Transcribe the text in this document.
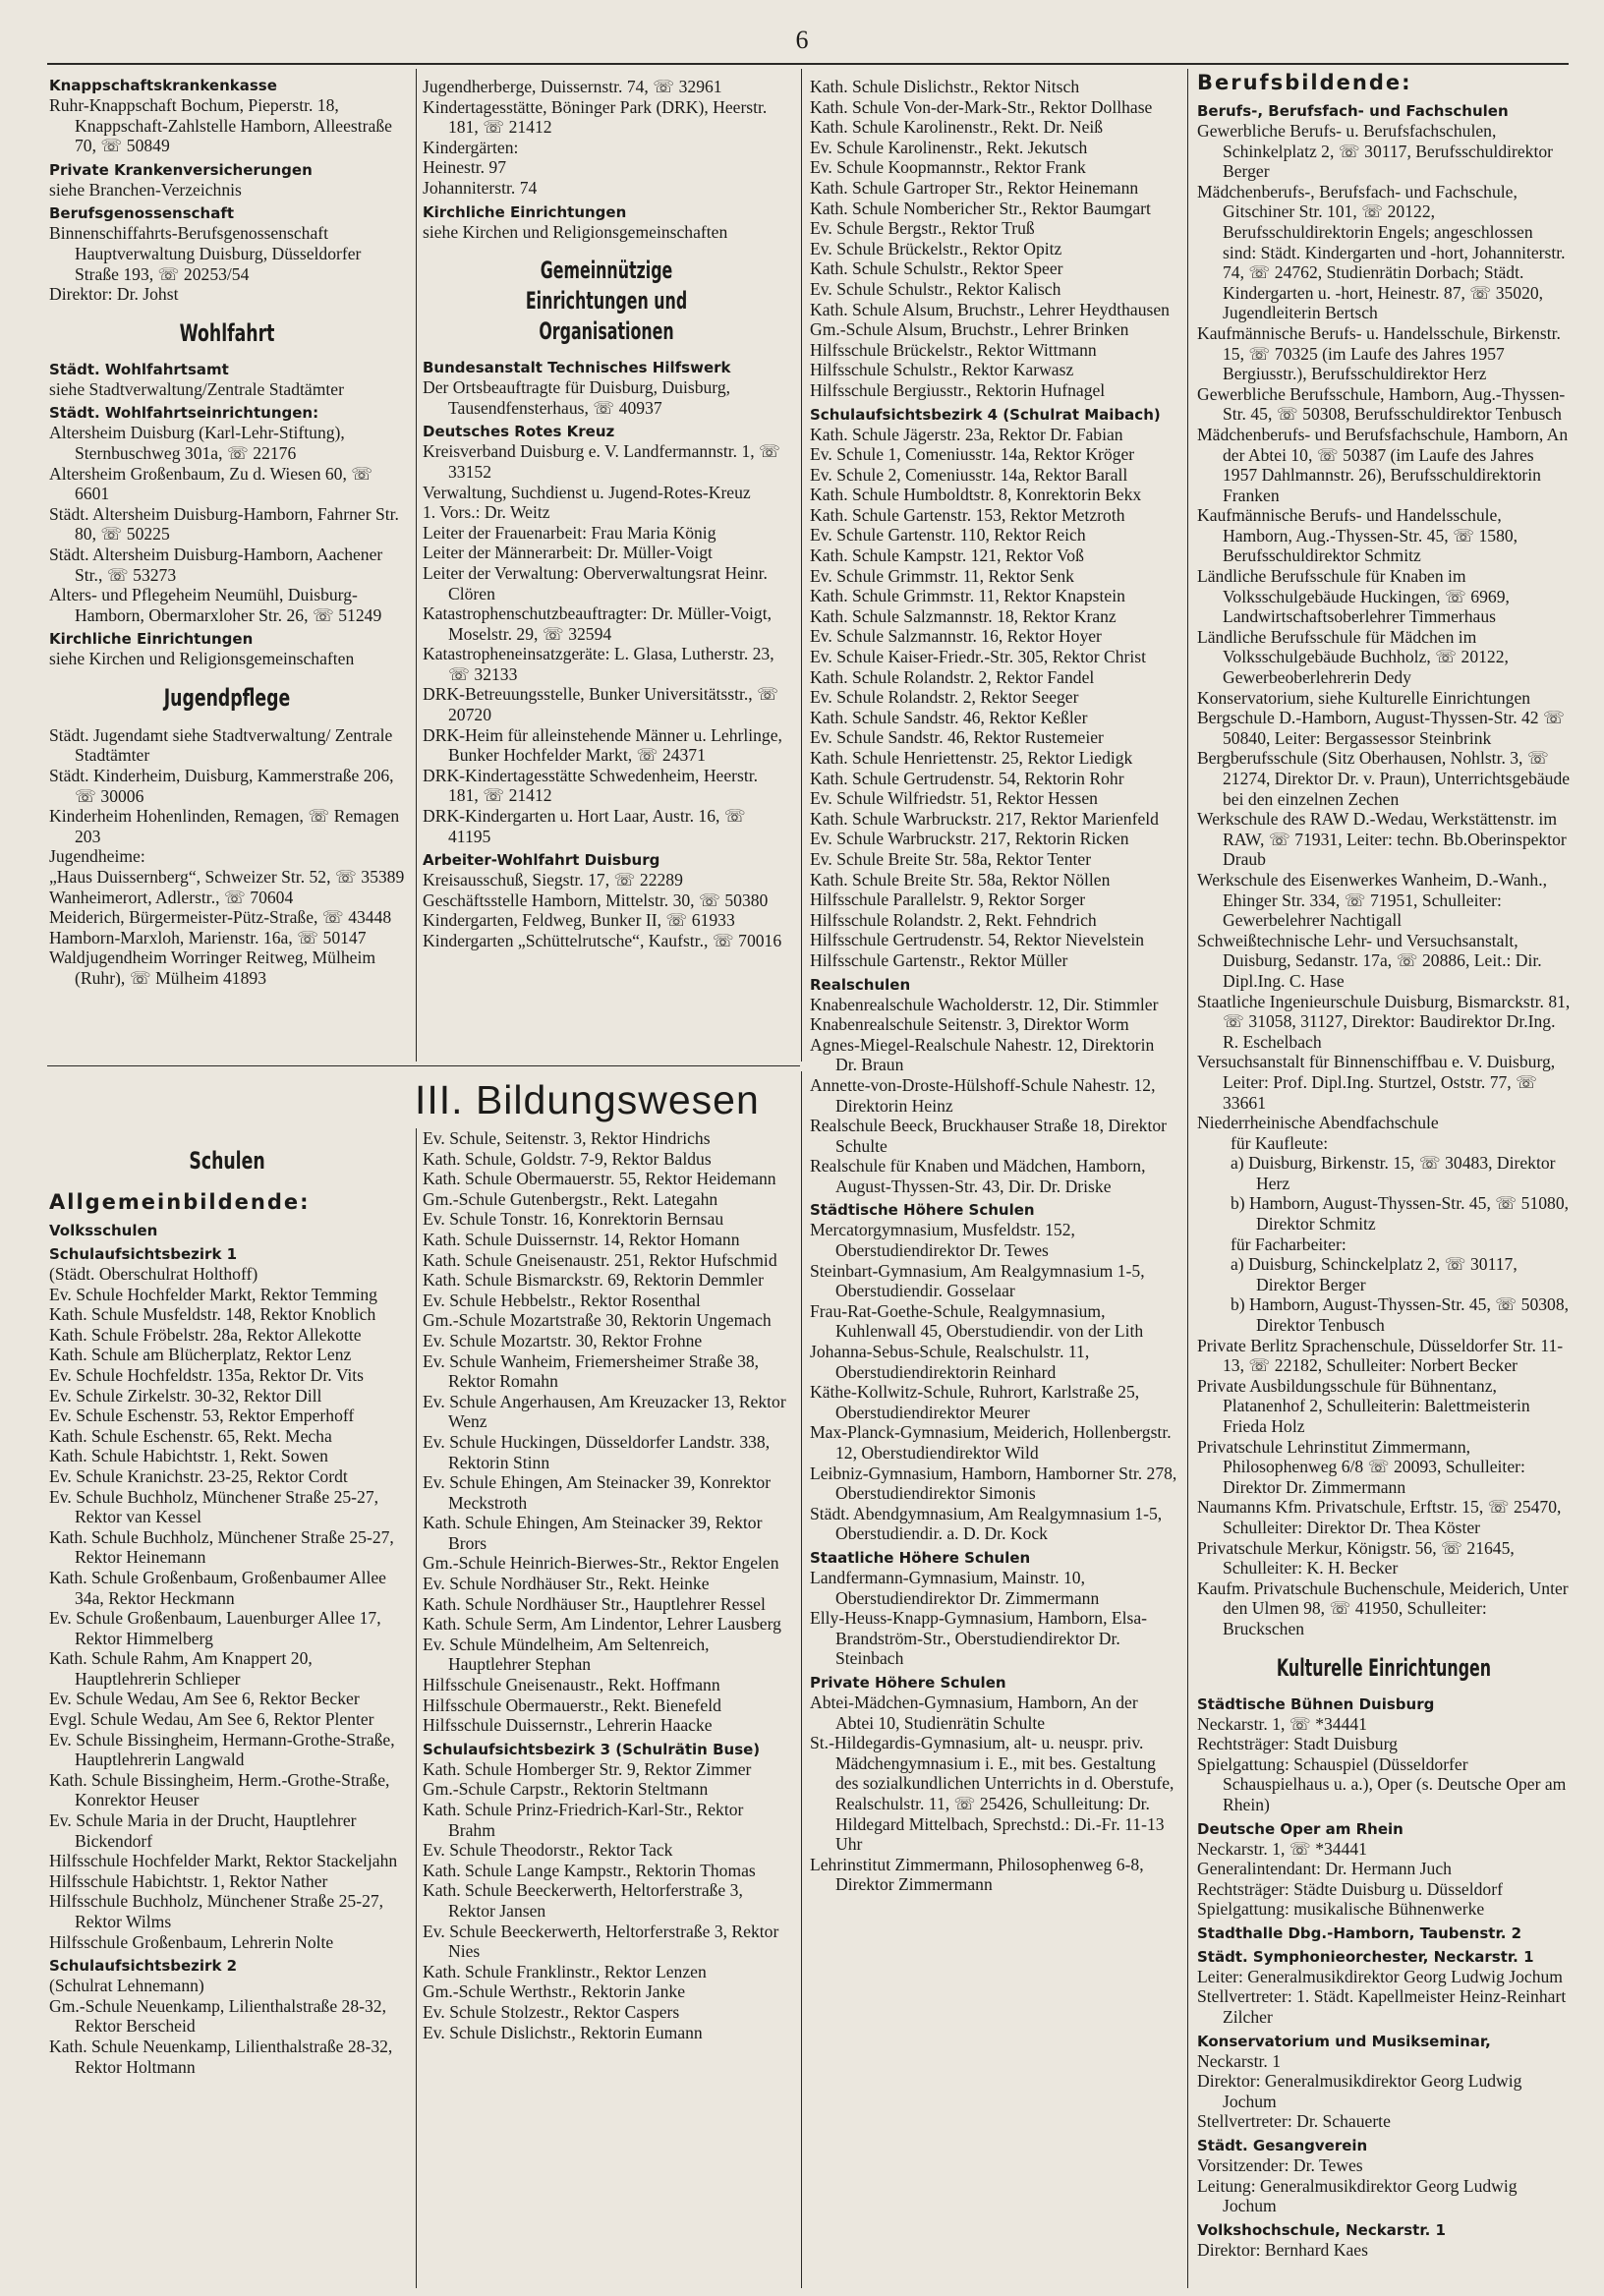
6

Knappschaftskrankenkasse

Ruhr-Knappschaft Bochum, Pieperstr. 18, Knappschaft-Zahlstelle Hamborn, Alleestraße 70, ☏ 50849

Private Krankenversicherungen

siehe Branchen-Verzeichnis

Berufsgenossenschaft

Binnenschiffahrts-Berufsgenossenschaft Hauptverwaltung Duisburg, Düsseldorfer Straße 193, ☏ 20253/54

Direktor: Dr. Johst

Wohlfahrt

Städt. Wohlfahrtsamt

siehe Stadtverwaltung/Zentrale Stadtämter

Städt. Wohlfahrtseinrichtungen:

Altersheim Duisburg (Karl-Lehr-Stiftung), Sternbuschweg 301a, ☏ 22176

Altersheim Großenbaum, Zu d. Wiesen 60, ☏ 6601

Städt. Altersheim Duisburg-Hamborn, Fahrner Str. 80, ☏ 50225

Städt. Altersheim Duisburg-Hamborn, Aachener Str., ☏ 53273

Alters- und Pflegeheim Neumühl, Duisburg-Hamborn, Obermarxloher Str. 26, ☏ 51249

Kirchliche Einrichtungen

siehe Kirchen und Religionsgemeinschaften

Jugendpflege

Städt. Jugendamt siehe Stadtverwaltung/ Zentrale Stadtämter

Städt. Kinderheim, Duisburg, Kammerstraße 206, ☏ 30006

Kinderheim Hohenlinden, Remagen, ☏ Remagen 203

Jugendheime:

„Haus Duissernberg“, Schweizer Str. 52, ☏ 35389

Wanheimerort, Adlerstr., ☏ 70604

Meiderich, Bürgermeister-Pütz-Straße, ☏ 43448

Hamborn-Marxloh, Marienstr. 16a, ☏ 50147

Waldjugendheim Worringer Reitweg, Mülheim (Ruhr), ☏ Mülheim 41893

Jugendherberge, Duissernstr. 74, ☏ 32961

Kindertagesstätte, Böninger Park (DRK), Heerstr. 181, ☏ 21412

Kindergärten:

Heinestr. 97

Johanniterstr. 74

Kirchliche Einrichtungen

siehe Kirchen und Religionsgemeinschaften

Gemeinnützige Einrichtungen und Organisationen

Bundesanstalt Technisches Hilfswerk

Der Ortsbeauftragte für Duisburg, Duisburg, Tausendfensterhaus, ☏ 40937

Deutsches Rotes Kreuz

Kreisverband Duisburg e. V. Landfermannstr. 1, ☏ 33152

Verwaltung, Suchdienst u. Jugend-Rotes-Kreuz

1. Vors.: Dr. Weitz

Leiter der Frauenarbeit: Frau Maria König

Leiter der Männerarbeit: Dr. Müller-Voigt

Leiter der Verwaltung: Oberverwaltungsrat Heinr. Clören

Katastrophenschutzbeauftragter: Dr. Müller-Voigt, Moselstr. 29, ☏ 32594

Katastropheneinsatzgeräte: L. Glasa, Lutherstr. 23, ☏ 32133

DRK-Betreuungsstelle, Bunker Universitätsstr., ☏ 20720

DRK-Heim für alleinstehende Männer u. Lehrlinge, Bunker Hochfelder Markt, ☏ 24371

DRK-Kindertagesstätte Schwedenheim, Heerstr. 181, ☏ 21412

DRK-Kindergarten u. Hort Laar, Austr. 16, ☏ 41195

Arbeiter-Wohlfahrt Duisburg

Kreisausschuß, Siegstr. 17, ☏ 22289

Geschäftsstelle Hamborn, Mittelstr. 30, ☏ 50380

Kindergarten, Feldweg, Bunker II, ☏ 61933

Kindergarten „Schüttelrutsche“, Kaufstr., ☏ 70016

III. Bildungswesen

Schulen

Allgemeinbildende:

Volksschulen

Schulaufsichtsbezirk 1

(Städt. Oberschulrat Holthoff)

Ev. Schule Hochfelder Markt, Rektor Temming

Kath. Schule Musfeldstr. 148, Rektor Knoblich

Kath. Schule Fröbelstr. 28a, Rektor Allekotte

Kath. Schule am Blücherplatz, Rektor Lenz

Ev. Schule Hochfeldstr. 135a, Rektor Dr. Vits

Ev. Schule Zirkelstr. 30-32, Rektor Dill

Ev. Schule Eschenstr. 53, Rektor Emperhoff

Kath. Schule Eschenstr. 65, Rekt. Mecha

Kath. Schule Habichtstr. 1, Rekt. Sowen

Ev. Schule Kranichstr. 23-25, Rektor Cordt

Ev. Schule Buchholz, Münchener Straße 25-27, Rektor van Kessel

Kath. Schule Buchholz, Münchener Straße 25-27, Rektor Heinemann

Kath. Schule Großenbaum, Großenbaumer Allee 34a, Rektor Heckmann

Ev. Schule Großenbaum, Lauenburger Allee 17, Rektor Himmelberg

Kath. Schule Rahm, Am Knappert 20, Hauptlehrerin Schlieper

Ev. Schule Wedau, Am See 6, Rektor Becker

Evgl. Schule Wedau, Am See 6, Rektor Plenter

Ev. Schule Bissingheim, Hermann-Grothe-Straße, Hauptlehrerin Langwald

Kath. Schule Bissingheim, Herm.-Grothe-Straße, Konrektor Heuser

Ev. Schule Maria in der Drucht, Hauptlehrer Bickendorf

Hilfsschule Hochfelder Markt, Rektor Stackeljahn

Hilfsschule Habichtstr. 1, Rektor Nather

Hilfsschule Buchholz, Münchener Straße 25-27, Rektor Wilms

Hilfsschule Großenbaum, Lehrerin Nolte

Schulaufsichtsbezirk 2

(Schulrat Lehnemann)

Gm.-Schule Neuenkamp, Lilienthalstraße 28-32, Rektor Berscheid

Kath. Schule Neuenkamp, Lilienthalstraße 28-32, Rektor Holtmann

Ev. Schule, Seitenstr. 3, Rektor Hindrichs

Kath. Schule, Goldstr. 7-9, Rektor Baldus

Kath. Schule Obermauerstr. 55, Rektor Heidemann

Gm.-Schule Gutenbergstr., Rekt. Lategahn

Ev. Schule Tonstr. 16, Konrektorin Bernsau

Kath. Schule Duissernstr. 14, Rektor Homann

Kath. Schule Gneisenaustr. 251, Rektor Hufschmid

Kath. Schule Bismarckstr. 69, Rektorin Demmler

Ev. Schule Hebbelstr., Rektor Rosenthal

Gm.-Schule Mozartstraße 30, Rektorin Ungemach

Ev. Schule Mozartstr. 30, Rektor Frohne

Ev. Schule Wanheim, Friemersheimer Straße 38, Rektor Romahn

Ev. Schule Angerhausen, Am Kreuzacker 13, Rektor Wenz

Ev. Schule Huckingen, Düsseldorfer Landstr. 338, Rektorin Stinn

Ev. Schule Ehingen, Am Steinacker 39, Konrektor Meckstroth

Kath. Schule Ehingen, Am Steinacker 39, Rektor Brors

Gm.-Schule Heinrich-Bierwes-Str., Rektor Engelen

Ev. Schule Nordhäuser Str., Rekt. Heinke

Kath. Schule Nordhäuser Str., Hauptlehrer Ressel

Kath. Schule Serm, Am Lindentor, Lehrer Lausberg

Ev. Schule Mündelheim, Am Seltenreich, Hauptlehrer Stephan

Hilfsschule Gneisenaustr., Rekt. Hoffmann

Hilfsschule Obermauerstr., Rekt. Bienefeld

Hilfsschule Duissernstr., Lehrerin Haacke

Schulaufsichtsbezirk 3 (Schulrätin Buse)

Kath. Schule Homberger Str. 9, Rektor Zimmer

Gm.-Schule Carpstr., Rektorin Steltmann

Kath. Schule Prinz-Friedrich-Karl-Str., Rektor Brahm

Ev. Schule Theodorstr., Rektor Tack

Kath. Schule Lange Kampstr., Rektorin Thomas

Kath. Schule Beeckerwerth, Heltorferstraße 3, Rektor Jansen

Ev. Schule Beeckerwerth, Heltorferstraße 3, Rektor Nies

Kath. Schule Franklinstr., Rektor Lenzen

Gm.-Schule Werthstr., Rektorin Janke

Ev. Schule Stolzestr., Rektor Caspers

Ev. Schule Dislichstr., Rektorin Eumann

Kath. Schule Dislichstr., Rektor Nitsch

Kath. Schule Von-der-Mark-Str., Rektor Dollhase

Kath. Schule Karolinenstr., Rekt. Dr. Neiß

Ev. Schule Karolinenstr., Rekt. Jekutsch

Ev. Schule Koopmannstr., Rektor Frank

Kath. Schule Gartroper Str., Rektor Heinemann

Kath. Schule Nombericher Str., Rektor Baumgart

Ev. Schule Bergstr., Rektor Truß

Ev. Schule Brückelstr., Rektor Opitz

Kath. Schule Schulstr., Rektor Speer

Ev. Schule Schulstr., Rektor Kalisch

Kath. Schule Alsum, Bruchstr., Lehrer Heydthausen

Gm.-Schule Alsum, Bruchstr., Lehrer Brinken

Hilfsschule Brückelstr., Rektor Wittmann

Hilfsschule Schulstr., Rektor Karwasz

Hilfsschule Bergiusstr., Rektorin Hufnagel

Schulaufsichtsbezirk 4 (Schulrat Maibach)

Kath. Schule Jägerstr. 23a, Rektor Dr. Fabian

Ev. Schule 1, Comeniusstr. 14a, Rektor Kröger

Ev. Schule 2, Comeniusstr. 14a, Rektor Barall

Kath. Schule Humboldtstr. 8, Konrektorin Bekx

Kath. Schule Gartenstr. 153, Rektor Metzroth

Ev. Schule Gartenstr. 110, Rektor Reich

Kath. Schule Kampstr. 121, Rektor Voß

Ev. Schule Grimmstr. 11, Rektor Senk

Kath. Schule Grimmstr. 11, Rektor Knapstein

Kath. Schule Salzmannstr. 18, Rektor Kranz

Ev. Schule Salzmannstr. 16, Rektor Hoyer

Ev. Schule Kaiser-Friedr.-Str. 305, Rektor Christ

Kath. Schule Rolandstr. 2, Rektor Fandel

Ev. Schule Rolandstr. 2, Rektor Seeger

Kath. Schule Sandstr. 46, Rektor Keßler

Ev. Schule Sandstr. 46, Rektor Rustemeier

Kath. Schule Henriettenstr. 25, Rektor Liedigk

Kath. Schule Gertrudenstr. 54, Rektorin Rohr

Ev. Schule Wilfriedstr. 51, Rektor Hessen

Kath. Schule Warbruckstr. 217, Rektor Marienfeld

Ev. Schule Warbruckstr. 217, Rektorin Ricken

Ev. Schule Breite Str. 58a, Rektor Tenter

Kath. Schule Breite Str. 58a, Rektor Nöllen

Hilfsschule Parallelstr. 9, Rektor Sorger

Hilfsschule Rolandstr. 2, Rekt. Fehndrich

Hilfsschule Gertrudenstr. 54, Rektor Nievelstein

Hilfsschule Gartenstr., Rektor Müller

Realschulen

Knabenrealschule Wacholderstr. 12, Dir. Stimmler

Knabenrealschule Seitenstr. 3, Direktor Worm

Agnes-Miegel-Realschule Nahestr. 12, Direktorin Dr. Braun

Annette-von-Droste-Hülshoff-Schule Nahestr. 12, Direktorin Heinz

Realschule Beeck, Bruckhauser Straße 18, Direktor Schulte

Realschule für Knaben und Mädchen, Hamborn, August-Thyssen-Str. 43, Dir. Dr. Driske

Städtische Höhere Schulen

Mercatorgymnasium, Musfeldstr. 152, Oberstudiendirektor Dr. Tewes

Steinbart-Gymnasium, Am Realgymnasium 1-5, Oberstudiendir. Gosselaar

Frau-Rat-Goethe-Schule, Realgymnasium, Kuhlenwall 45, Oberstudiendir. von der Lith

Johanna-Sebus-Schule, Realschulstr. 11, Oberstudiendirektorin Reinhard

Käthe-Kollwitz-Schule, Ruhrort, Karlstraße 25, Oberstudiendirektor Meurer

Max-Planck-Gymnasium, Meiderich, Hollenbergstr. 12, Oberstudiendirektor Wild

Leibniz-Gymnasium, Hamborn, Hamborner Str. 278, Oberstudiendirektor Simonis

Städt. Abendgymnasium, Am Realgymnasium 1-5, Oberstudiendir. a. D. Dr. Kock

Staatliche Höhere Schulen

Landfermann-Gymnasium, Mainstr. 10, Oberstudiendirektor Dr. Zimmermann

Elly-Heuss-Knapp-Gymnasium, Hamborn, Elsa-Brandström-Str., Oberstudiendirektor Dr. Steinbach

Private Höhere Schulen

Abtei-Mädchen-Gymnasium, Hamborn, An der Abtei 10, Studienrätin Schulte

St.-Hildegardis-Gymnasium, alt- u. neuspr. priv. Mädchengymnasium i. E., mit bes. Gestaltung des sozialkundlichen Unterrichts in d. Oberstufe, Realschulstr. 11, ☏ 25426, Schulleitung: Dr. Hildegard Mittelbach, Sprechstd.: Di.-Fr. 11-13 Uhr

Lehrinstitut Zimmermann, Philosophenweg 6-8, Direktor Zimmermann

Berufsbildende:

Berufs-, Berufsfach- und Fachschulen

Gewerbliche Berufs- u. Berufsfachschulen, Schinkelplatz 2, ☏ 30117, Berufsschuldirektor Berger

Mädchenberufs-, Berufsfach- und Fachschule, Gitschiner Str. 101, ☏ 20122, Berufsschuldirektorin Engels; angeschlossen sind: Städt. Kindergarten und -hort, Johanniterstr. 74, ☏ 24762, Studienrätin Dorbach; Städt. Kindergarten u. -hort, Heinestr. 87, ☏ 35020, Jugendleiterin Bertsch

Kaufmännische Berufs- u. Handelsschule, Birkenstr. 15, ☏ 70325 (im Laufe des Jahres 1957 Bergiusstr.), Berufsschuldirektor Herz

Gewerbliche Berufsschule, Hamborn, Aug.-Thyssen-Str. 45, ☏ 50308, Berufsschuldirektor Tenbusch

Mädchenberufs- und Berufsfachschule, Hamborn, An der Abtei 10, ☏ 50387 (im Laufe des Jahres 1957 Dahlmannstr. 26), Berufsschuldirektorin Franken

Kaufmännische Berufs- und Handelsschule, Hamborn, Aug.-Thyssen-Str. 45, ☏ 1580, Berufsschuldirektor Schmitz

Ländliche Berufsschule für Knaben im Volksschulgebäude Huckingen, ☏ 6969, Landwirtschaftsoberlehrer Timmerhaus

Ländliche Berufsschule für Mädchen im Volksschulgebäude Buchholz, ☏ 20122, Gewerbeoberlehrerin Dedy

Konservatorium, siehe Kulturelle Einrichtungen

Bergschule D.-Hamborn, August-Thyssen-Str. 42 ☏ 50840, Leiter: Bergassessor Steinbrink

Bergberufsschule (Sitz Oberhausen, Nohlstr. 3, ☏ 21274, Direktor Dr. v. Praun), Unterrichtsgebäude bei den einzelnen Zechen

Werkschule des RAW D.-Wedau, Werkstättenstr. im RAW, ☏ 71931, Leiter: techn. Bb.Oberinspektor Draub

Werkschule des Eisenwerkes Wanheim, D.-Wanh., Ehinger Str. 334, ☏ 71951, Schulleiter: Gewerbelehrer Nachtigall

Schweißtechnische Lehr- und Versuchsanstalt, Duisburg, Sedanstr. 17a, ☏ 20886, Leit.: Dir. Dipl.Ing. C. Hase

Staatliche Ingenieurschule Duisburg, Bismarckstr. 81, ☏ 31058, 31127, Direktor: Baudirektor Dr.Ing. R. Eschelbach

Versuchsanstalt für Binnenschiffbau e. V. Duisburg, Leiter: Prof. Dipl.Ing. Sturtzel, Oststr. 77, ☏ 33661

Niederrheinische Abendfachschule

für Kaufleute:

a) Duisburg, Birkenstr. 15, ☏ 30483, Direktor Herz

b) Hamborn, August-Thyssen-Str. 45, ☏ 51080, Direktor Schmitz

für Facharbeiter:

a) Duisburg, Schinckelplatz 2, ☏ 30117, Direktor Berger

b) Hamborn, August-Thyssen-Str. 45, ☏ 50308, Direktor Tenbusch

Private Berlitz Sprachenschule, Düsseldorfer Str. 11-13, ☏ 22182, Schulleiter: Norbert Becker

Private Ausbildungsschule für Bühnentanz, Platanenhof 2, Schulleiterin: Balettmeisterin Frieda Holz

Privatschule Lehrinstitut Zimmermann, Philosophenweg 6/8 ☏ 20093, Schulleiter: Direktor Dr. Zimmermann

Naumanns Kfm. Privatschule, Erftstr. 15, ☏ 25470, Schulleiter: Direktor Dr. Thea Köster

Privatschule Merkur, Königstr. 56, ☏ 21645, Schulleiter: K. H. Becker

Kaufm. Privatschule Buchenschule, Meiderich, Unter den Ulmen 98, ☏ 41950, Schulleiter: Bruckschen

Kulturelle Einrichtungen

Städtische Bühnen Duisburg

Neckarstr. 1, ☏ *34441

Rechtsträger: Stadt Duisburg

Spielgattung: Schauspiel (Düsseldorfer Schauspielhaus u. a.), Oper (s. Deutsche Oper am Rhein)

Deutsche Oper am Rhein

Neckarstr. 1, ☏ *34441

Generalintendant: Dr. Hermann Juch

Rechtsträger: Städte Duisburg u. Düsseldorf

Spielgattung: musikalische Bühnenwerke

Stadthalle Dbg.-Hamborn, Taubenstr. 2

Städt. Symphonieorchester, Neckarstr. 1

Leiter: Generalmusikdirektor Georg Ludwig Jochum

Stellvertreter: 1. Städt. Kapellmeister Heinz-Reinhart Zilcher

Konservatorium und Musikseminar,

Neckarstr. 1

Direktor: Generalmusikdirektor Georg Ludwig Jochum

Stellvertreter: Dr. Schauerte

Städt. Gesangverein

Vorsitzender: Dr. Tewes

Leitung: Generalmusikdirektor Georg Ludwig Jochum

Volkshochschule, Neckarstr. 1

Direktor: Bernhard Kaes
